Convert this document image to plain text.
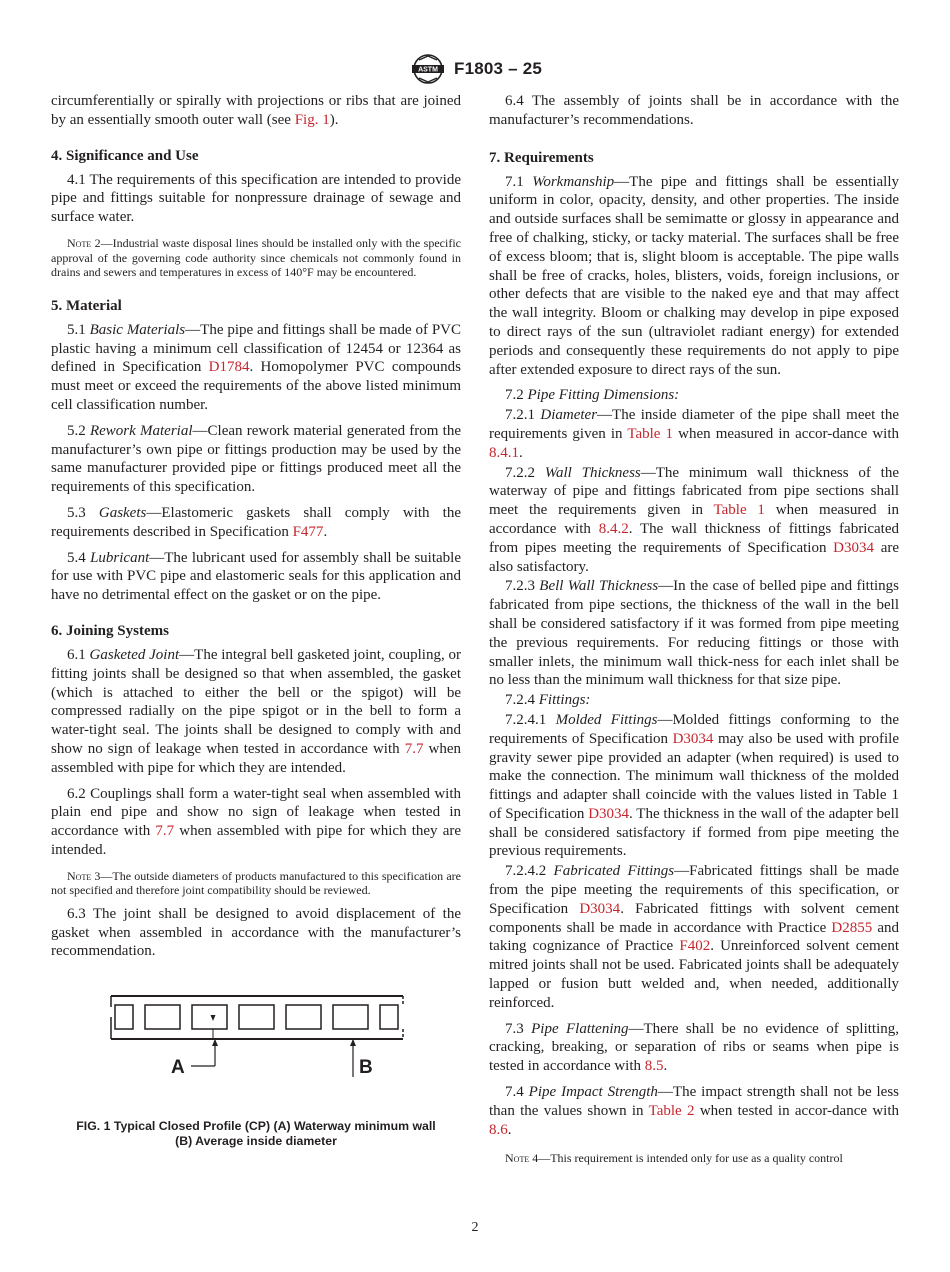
ASTM F1803 – 25

circumferentially or spirally with projections or ribs that are joined by an essentially smooth outer wall (see Fig. 1).

4. Significance and Use

4.1 The requirements of this specification are intended to provide pipe and fittings suitable for nonpressure drainage of sewage and surface water.

Note 2—Industrial waste disposal lines should be installed only with the specific approval of the governing code authority since chemicals not commonly found in drains and sewers and temperatures in excess of 140°F may be encountered.

5. Material

5.1 Basic Materials—The pipe and fittings shall be made of PVC plastic having a minimum cell classification of 12454 or 12364 as defined in Specification D1784. Homopolymer PVC compounds must meet or exceed the requirements of the above listed minimum cell classification number.

5.2 Rework Material—Clean rework material generated from the manufacturer’s own pipe or fittings production may be used by the same manufacturer provided pipe or fittings produced meet all the requirements of this specification.

5.3 Gaskets—Elastomeric gaskets shall comply with the requirements described in Specification F477.

5.4 Lubricant—The lubricant used for assembly shall be suitable for use with PVC pipe and elastomeric seals for this application and have no detrimental effect on the gasket or on the pipe.

6. Joining Systems

6.1 Gasketed Joint—The integral bell gasketed joint, coupling, or fitting joints shall be designed so that when assembled, the gasket (which is attached to either the bell or the spigot) will be compressed radially on the pipe spigot or in the bell to form a water-tight seal. The joints shall be designed to comply with and show no sign of leakage when tested in accordance with 7.7 when assembled with pipe for which they are intended.

6.2 Couplings shall form a water-tight seal when assembled with plain end pipe and show no sign of leakage when tested in accordance with 7.7 when assembled with pipe for which they are intended.

Note 3—The outside diameters of products manufactured to this specification are not specified and therefore joint compatibility should be reviewed.

6.3 The joint shall be designed to avoid displacement of the gasket when assembled in accordance with the manufacturer’s recommendation.

A	B
FIG. 1 Typical Closed Profile (CP) (A) Waterway minimum wall
(B) Average inside diameter

6.4 The assembly of joints shall be in accordance with the manufacturer’s recommendations.

7. Requirements

7.1 Workmanship—The pipe and fittings shall be essentially uniform in color, opacity, density, and other properties. The inside and outside surfaces shall be semimatte or glossy in appearance and free of chalking, sticky, or tacky material. The surfaces shall be free of excess bloom; that is, slight bloom is acceptable. The pipe walls shall be free of cracks, holes, blisters, voids, foreign inclusions, or other defects that are visible to the naked eye and that may affect the wall integrity. Bloom or chalking may develop in pipe exposed to direct rays of the sun (ultraviolet radiant energy) for extended periods and consequently these requirements do not apply to pipe after extended exposure to direct rays of the sun.

7.2 Pipe Fitting Dimensions:

7.2.1 Diameter—The inside diameter of the pipe shall meet the requirements given in Table 1 when measured in accor-dance with 8.4.1.

7.2.2 Wall Thickness—The minimum wall thickness of the waterway of pipe and fittings fabricated from pipe sections shall meet the requirements given in Table 1 when measured in accordance with 8.4.2. The wall thickness of fittings fabricated from pipes meeting the requirements of Specification D3034 are also satisfactory.

7.2.3 Bell Wall Thickness—In the case of belled pipe and fittings fabricated from pipe sections, the thickness of the wall in the bell shall be considered satisfactory if it was formed from pipe meeting the previous requirements. For reducing fittings or those with smaller inlets, the minimum wall thick-ness for each inlet shall be no less than the minimum wall thickness for that size pipe.

7.2.4 Fittings:

7.2.4.1 Molded Fittings—Molded fittings conforming to the requirements of Specification D3034 may also be used with profile gravity sewer pipe provided an adapter (when required) is used to make the connection. The minimum wall thickness of the molded fittings and adapter shall coincide with the values listed in Table 1 of Specification D3034. The thickness in the wall of the adapter bell shall be considered satisfactory if formed from pipe meeting the previous requirements.

7.2.4.2 Fabricated Fittings—Fabricated fittings shall be made from the pipe meeting the requirements of this specification, or Specification D3034. Fabricated fittings with solvent cement components shall be made in accordance with Practice D2855 and taking cognizance of Practice F402. Unreinforced solvent cement mitred joints shall not be used. Fabricated joints shall be adequately lapped or fusion butt welded and, when needed, additionally reinforced.

7.3 Pipe Flattening—There shall be no evidence of splitting, cracking, breaking, or separation of ribs or seams when pipe is tested in accordance with 8.5.

7.4 Pipe Impact Strength—The impact strength shall not be less than the values shown in Table 2 when tested in accor-dance with 8.6.

Note 4—This requirement is intended only for use as a quality control

2
